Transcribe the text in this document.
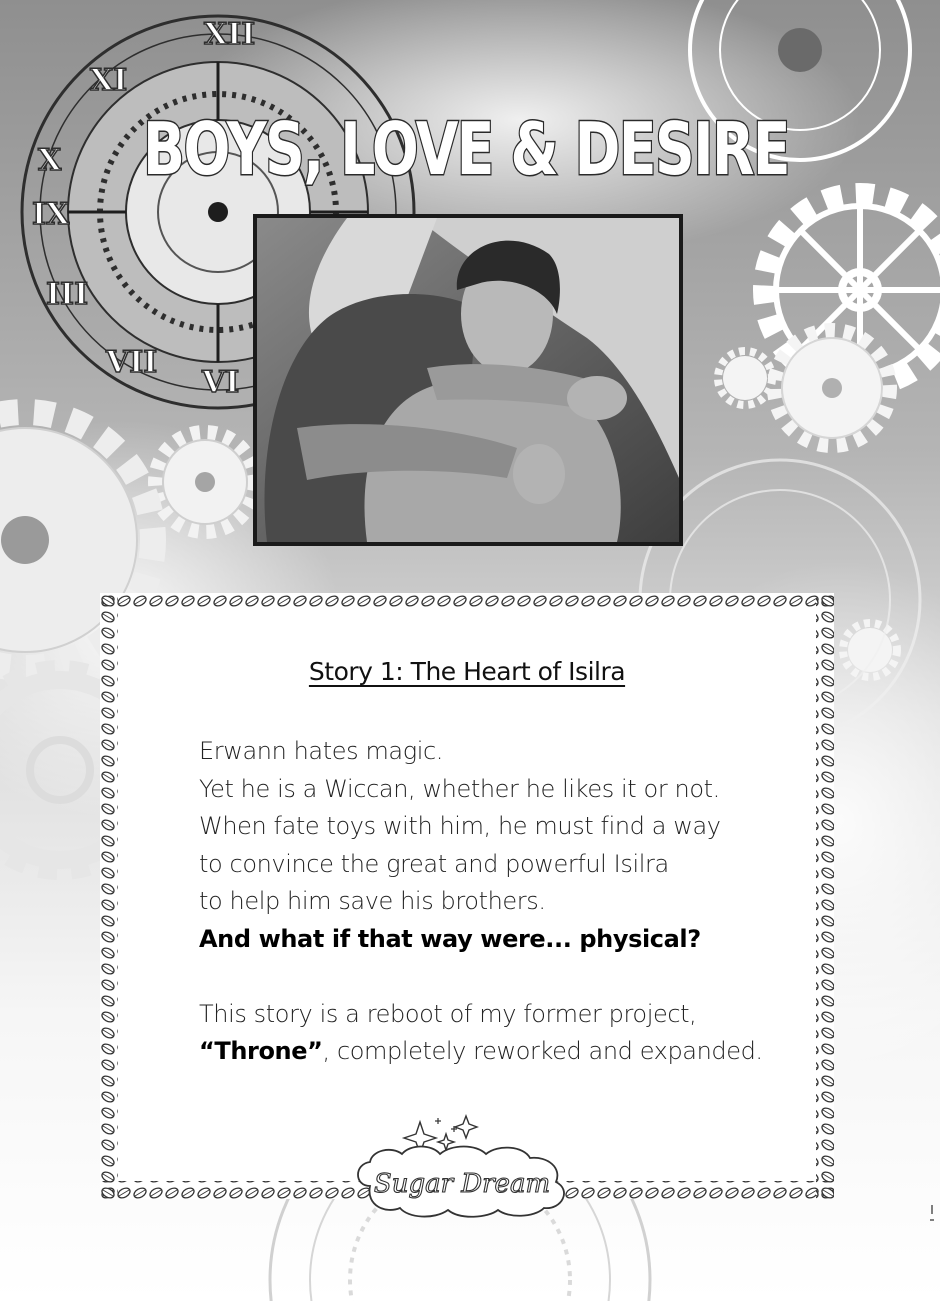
XII
XI
X
IX
III
VII
VI
BOYS, LOVE & DESIRE
Story 1: The Heart of Isilra
Erwann hates magic.
Yet he is a Wiccan, whether he likes it or not.
When fate toys with him, he must find a way
to convince the great and powerful Isilra
to help him save his brothers.
And what if that way were... physical?
This story is a reboot of my former project,
“Throne”, completely reworked and expanded.
Sugar Dream
